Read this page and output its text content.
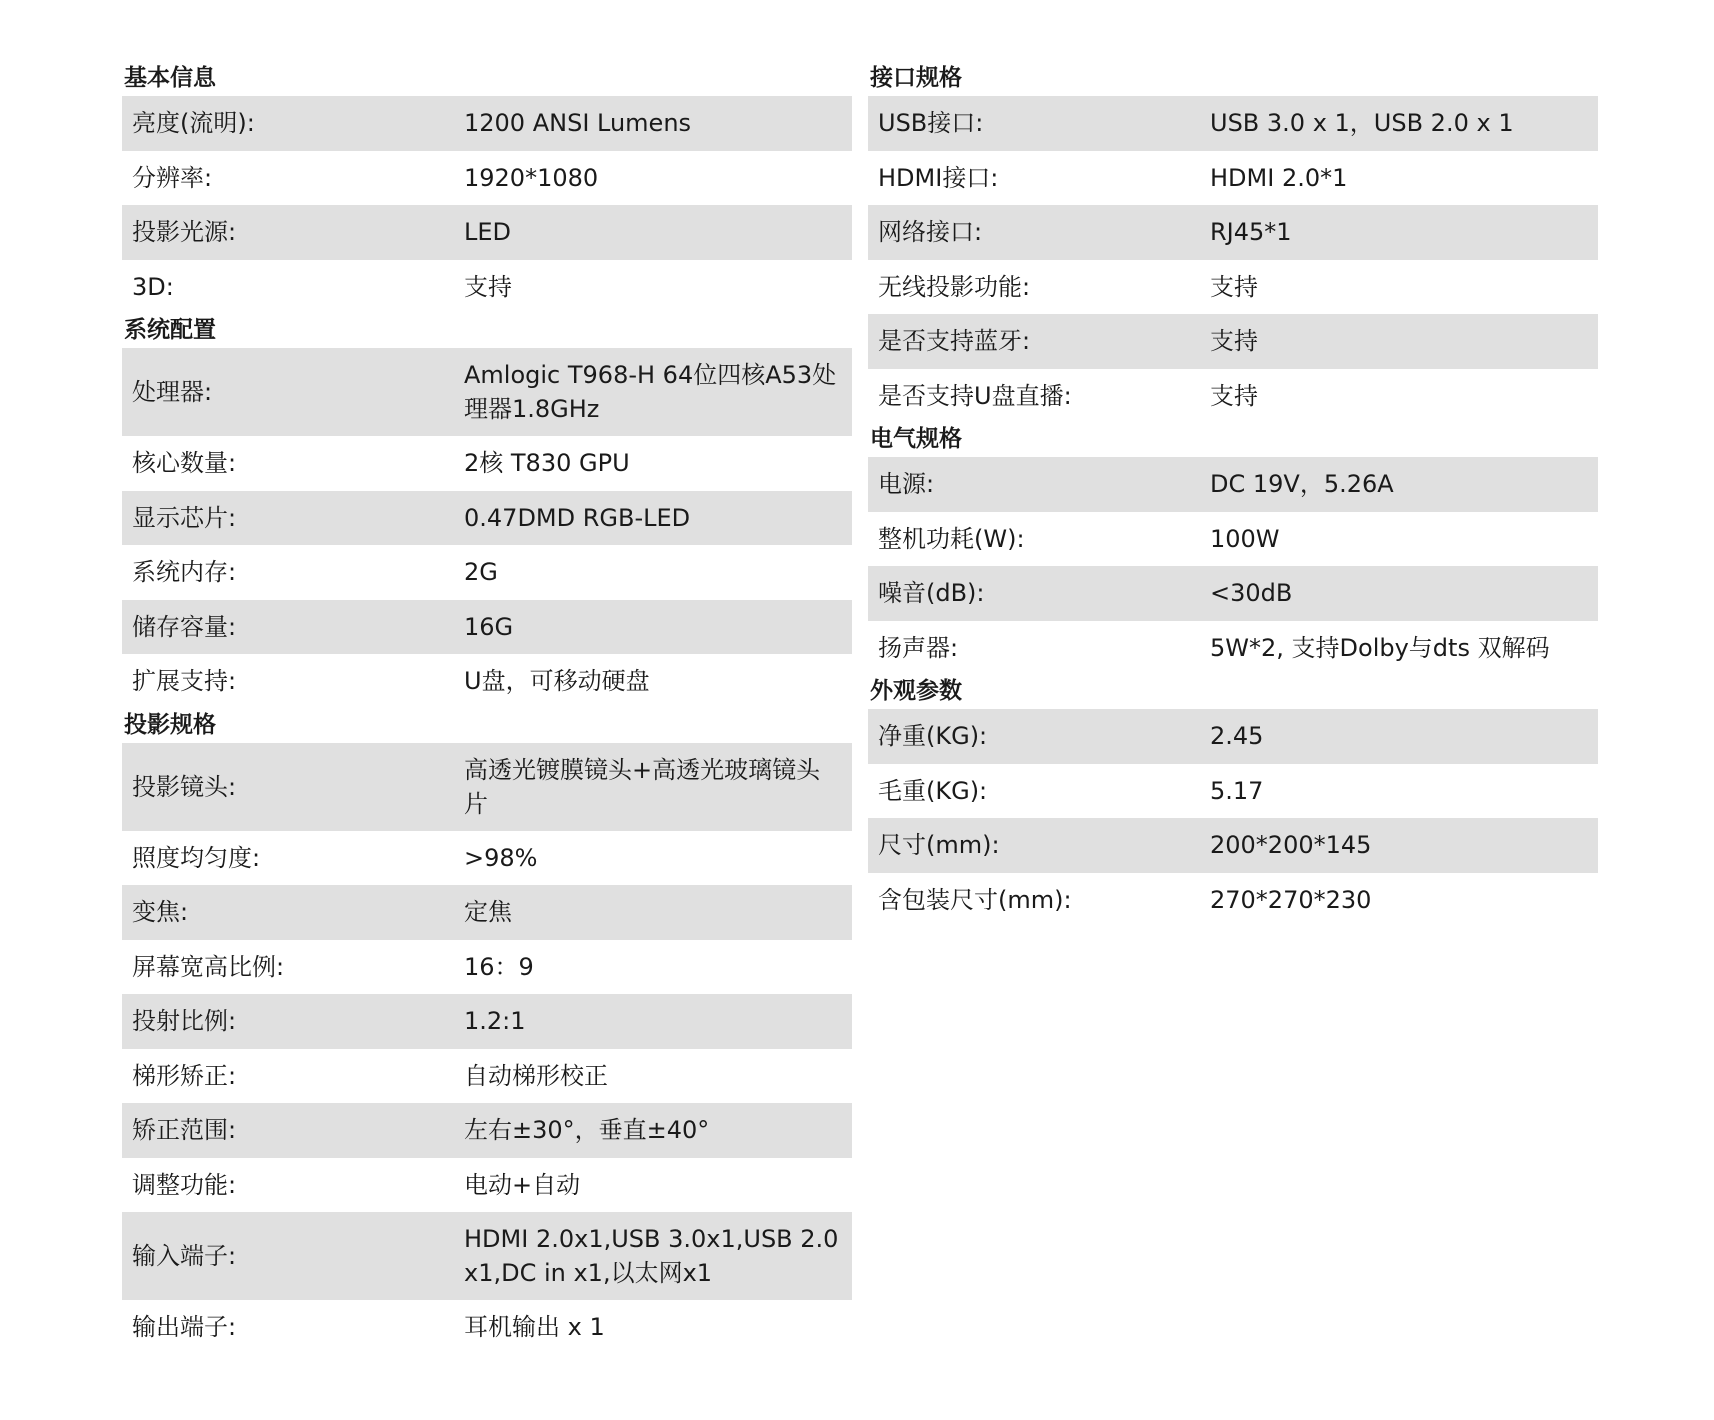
基本信息
亮度(流明):	1200 ANSI Lumens
分辨率:	1920*1080
投影光源:	LED
3D:	支持
系统配置
处理器:
Amlogic T968-H 64位四核A53处理器1.8GHz
核心数量:	2核 T830 GPU
显示芯片:	0.47DMD RGB-LED
系统内存:	2G
储存容量:	16G
扩展支持:	U盘，可移动硬盘
投影规格
投影镜头:
高透光镀膜镜头+高透光玻璃镜头片
照度均匀度:	>98%
变焦:	定焦
屏幕宽高比例:	16：9
投射比例:	1.2:1
梯形矫正:	自动梯形校正
矫正范围:	左右±30°，垂直±40°
调整功能:	电动+自动
输入端子:
HDMI 2.0x1,USB 3.0x1,USB 2.0 x1,DC in x1,以太网x1
输出端子:	耳机输出 x 1
接口规格
USB接口:	USB 3.0 x 1，USB 2.0 x 1
HDMI接口:	HDMI 2.0*1
网络接口:	RJ45*1
无线投影功能:	支持
是否支持蓝牙:	支持
是否支持U盘直播:	支持
电气规格
电源:	DC 19V，5.26A
整机功耗(W):	100W
噪音(dB):	<30dB
扬声器:	5W*2, 支持Dolby与dts 双解码
外观参数
净重(KG):	2.45
毛重(KG):	5.17
尺寸(mm):	200*200*145
含包装尺寸(mm):	270*270*230
